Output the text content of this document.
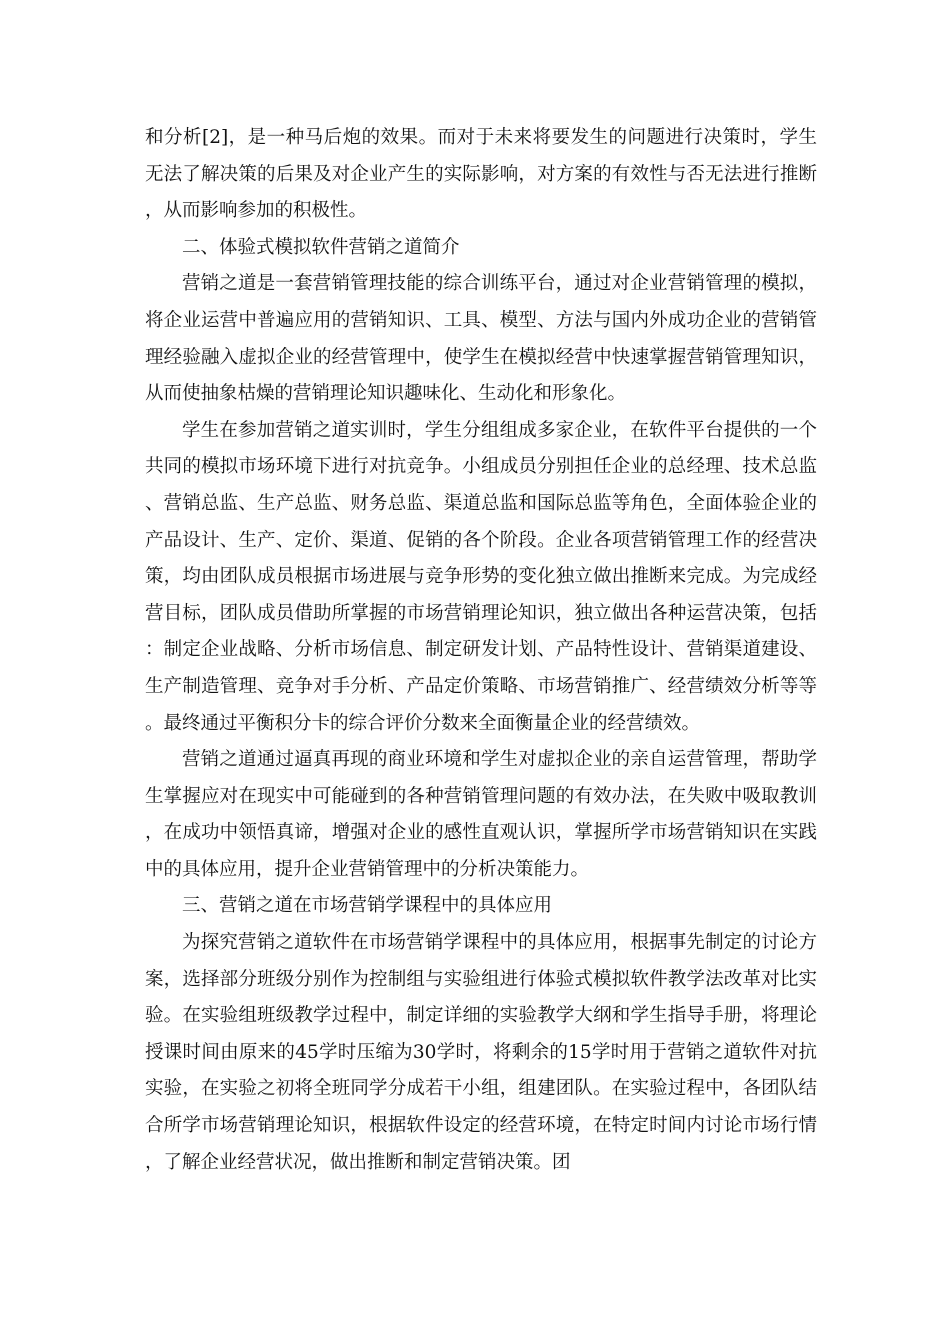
和分析[2]，是一种马后炮的效果。而对于未来将要发生的问题进行决策时，学生无法了解决策的后果及对企业产生的实际影响，对方案的有效性与否无法进行推断，从而影响参加的积极性。

二、体验式模拟软件营销之道简介

营销之道是一套营销管理技能的综合训练平台，通过对企业营销管理的模拟，将企业运营中普遍应用的营销知识、工具、模型、方法与国内外成功企业的营销管理经验融入虚拟企业的经营管理中，使学生在模拟经营中快速掌握营销管理知识，从而使抽象枯燥的营销理论知识趣味化、生动化和形象化。

学生在参加营销之道实训时，学生分组组成多家企业，在软件平台提供的一个共同的模拟市场环境下进行对抗竞争。小组成员分别担任企业的总经理、技术总监、营销总监、生产总监、财务总监、渠道总监和国际总监等角色，全面体验企业的产品设计、生产、定价、渠道、促销的各个阶段。企业各项营销管理工作的经营决策，均由团队成员根据市场进展与竞争形势的变化独立做出推断来完成。为完成经营目标，团队成员借助所掌握的市场营销理论知识，独立做出各种运营决策，包括：制定企业战略、分析市场信息、制定研发计划、产品特性设计、营销渠道建设、生产制造管理、竞争对手分析、产品定价策略、市场营销推广、经营绩效分析等等。最终通过平衡积分卡的综合评价分数来全面衡量企业的经营绩效。

营销之道通过逼真再现的商业环境和学生对虚拟企业的亲自运营管理，帮助学生掌握应对在现实中可能碰到的各种营销管理问题的有效办法，在失败中吸取教训，在成功中领悟真谛，增强对企业的感性直观认识，掌握所学市场营销知识在实践中的具体应用，提升企业营销管理中的分析决策能力。

三、营销之道在市场营销学课程中的具体应用

为探究营销之道软件在市场营销学课程中的具体应用，根据事先制定的讨论方案，选择部分班级分别作为控制组与实验组进行体验式模拟软件教学法改革对比实验。在实验组班级教学过程中，制定详细的实验教学大纲和学生指导手册，将理论授课时间由原来的45学时压缩为30学时，将剩余的15学时用于营销之道软件对抗实验，在实验之初将全班同学分成若干小组，组建团队。在实验过程中，各团队结合所学市场营销理论知识，根据软件设定的经营环境，在特定时间内讨论市场行情，了解企业经营状况，做出推断和制定营销决策。团
